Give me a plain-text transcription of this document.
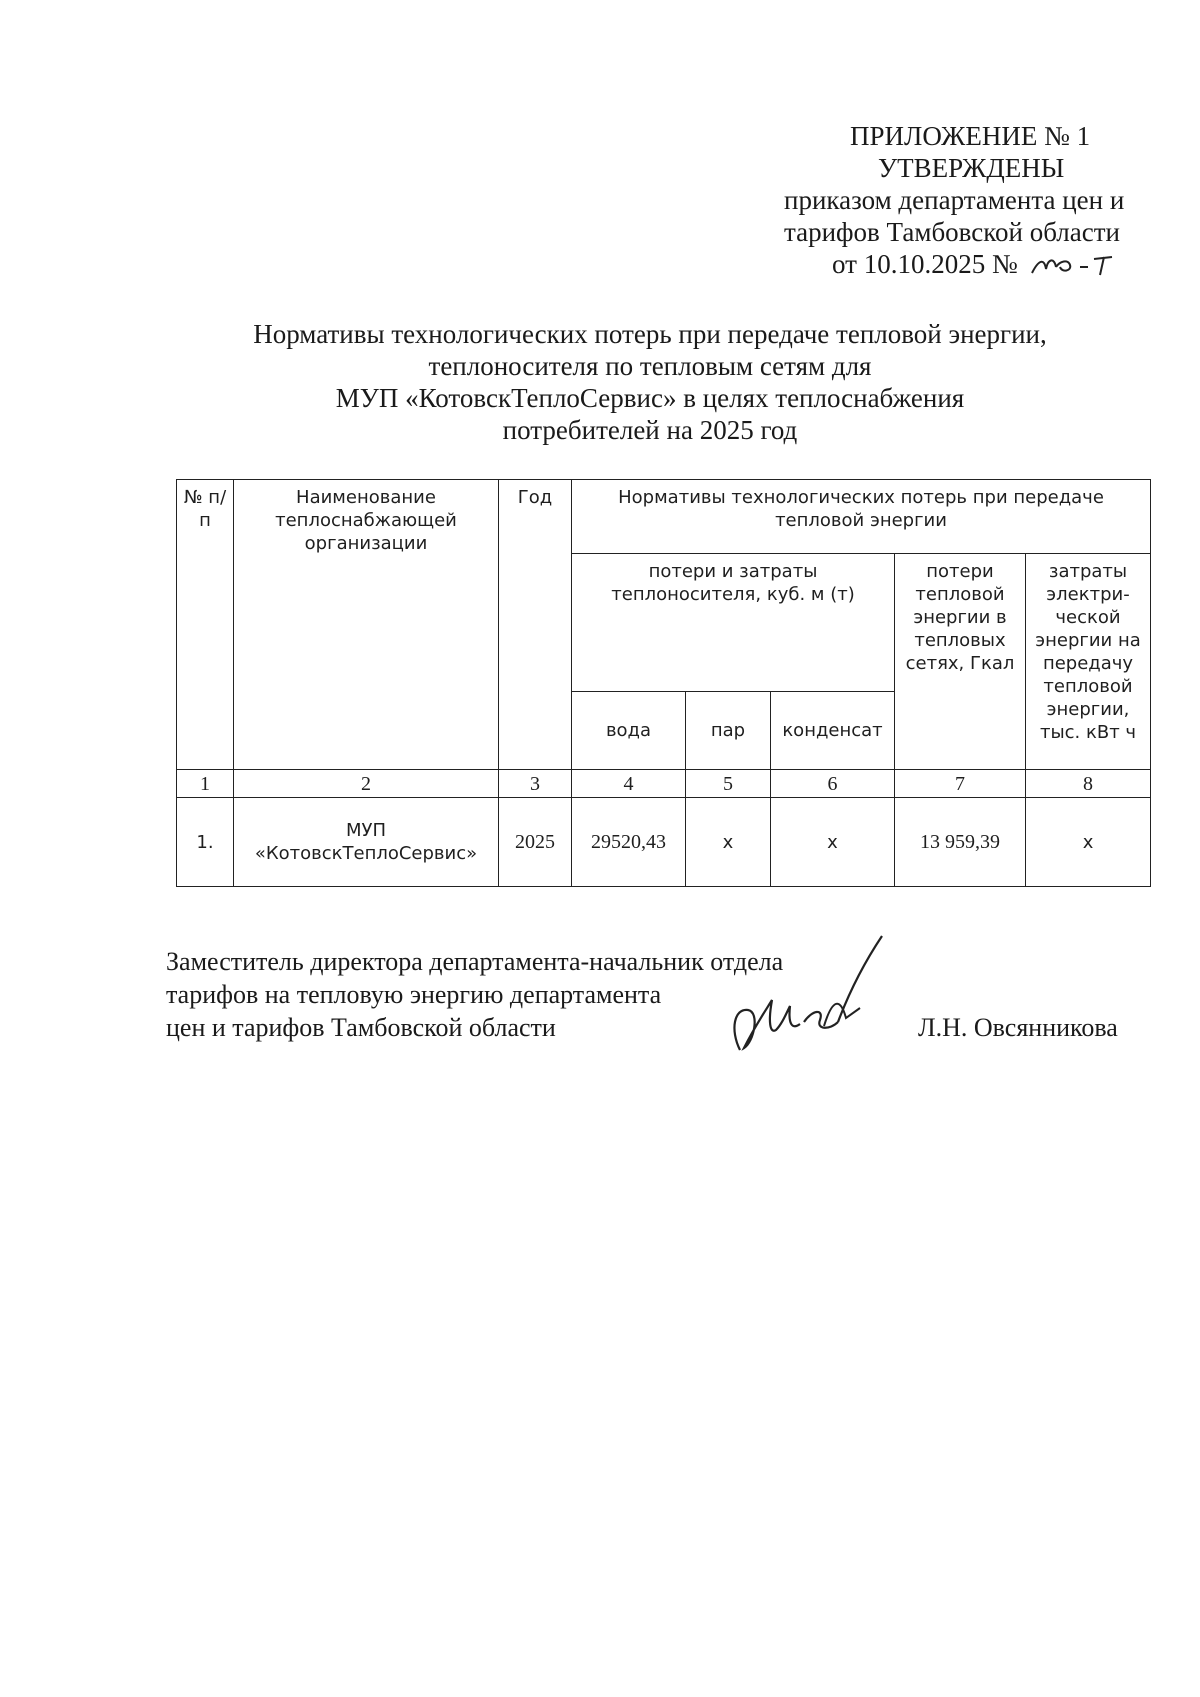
ПРИЛОЖЕНИЕ № 1
УТВЕРЖДЕНЫ
приказом департамента цен и
тарифов Тамбовской области
от 10.10.2025 №
Нормативы технологических потерь при передаче тепловой энергии,
теплоносителя по тепловым сетям для
МУП «КотовскТеплоСервис» в целях теплоснабжения
потребителей на 2025 год
№ п/п	Наименование теплоснабжающей организации	Год	Нормативы технологических потерь при передаче тепловой энергии				
			потери и затраты теплоносителя, куб. м (т)			потери тепловой энергии в тепловых сетях, Гкал	затраты электри-ческой энергии на передачу тепловой энергии, тыс. кВт ч
			вода	пар	конденсат		
1	2	3	4	5	6	7	8
1.	МУП «КотовскТеплоСервис»	2025	29520,43	х	х	13 959,39	х
Заместитель директора департамента-начальник отдела
тарифов на тепловую энергию департамента
цен и тарифов Тамбовской области	Л.Н. Овсянникова
